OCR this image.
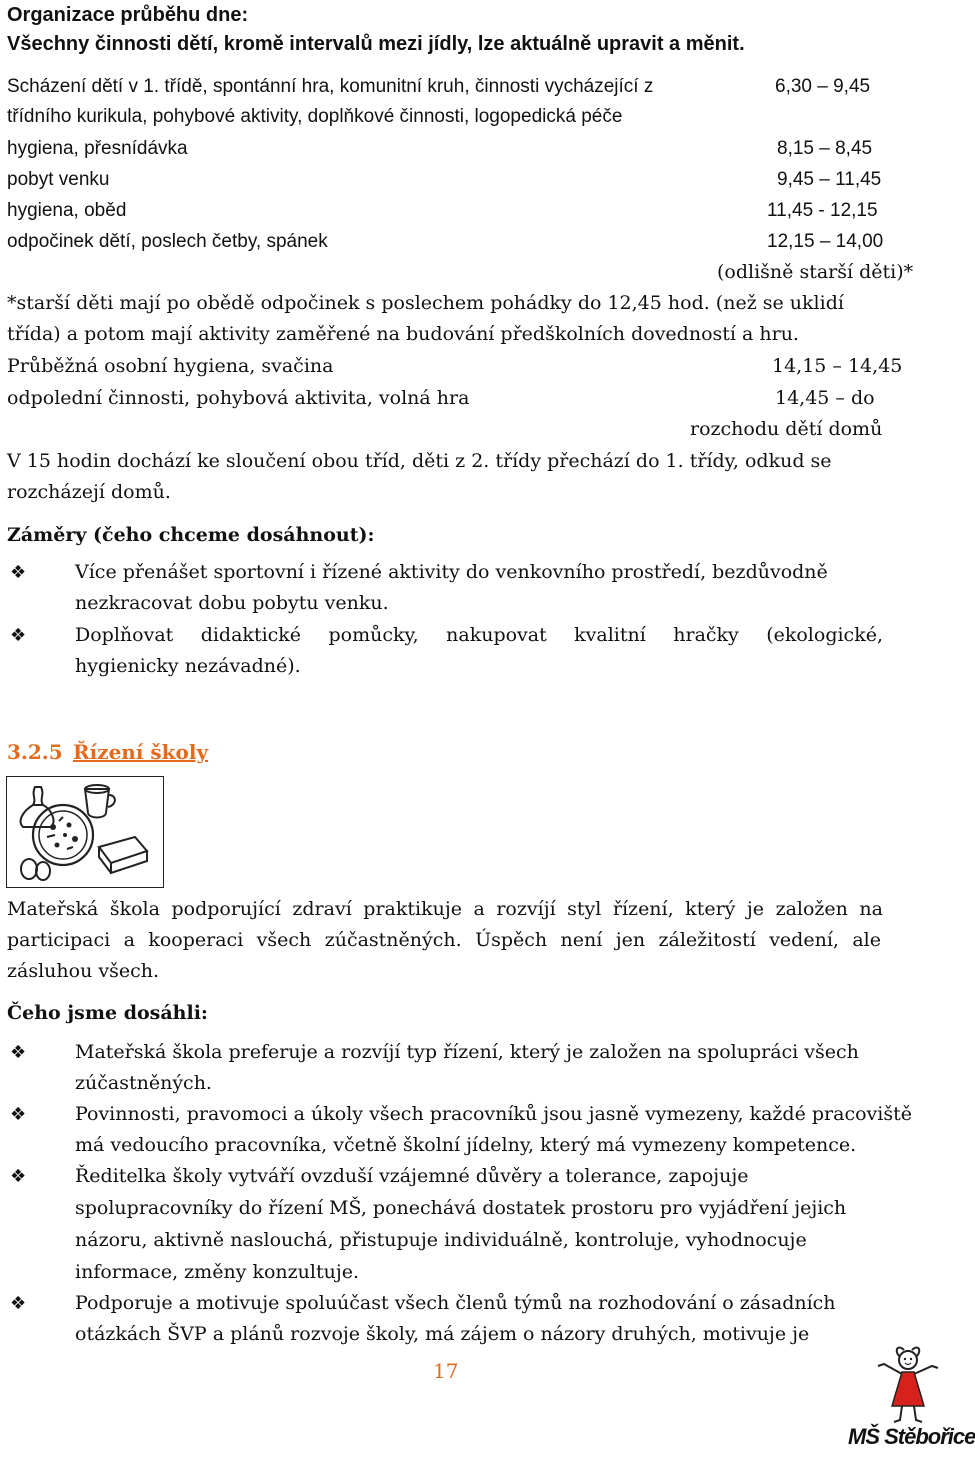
Organizace průběhu dne:
Všechny činnosti dětí, kromě intervalů mezi jídly, lze aktuálně upravit a měnit.
Scházení dětí v 1. třídě, spontánní hra, komunitní kruh, činnosti vycházející z	6,30 – 9,45
třídního kurikula, pohybové aktivity, doplňkové činnosti, logopedická péče
hygiena, přesnídávka	8,15 – 8,45
pobyt venku	9,45 – 11,45
hygiena, oběd	11,45 - 12,15
odpočinek dětí, poslech četby, spánek	12,15 – 14,00
(odlišně starší děti)*
*starší děti mají po obědě odpočinek s poslechem pohádky do 12,45 hod. (než se uklidí
třída) a potom mají aktivity zaměřené na budování předškolních dovedností a hru.
Průběžná osobní hygiena, svačina	14,15 – 14,45
odpolední činnosti, pohybová aktivita, volná hra	14,45 – do
rozchodu dětí domů
V 15 hodin dochází ke sloučení obou tříd, děti z 2. třídy přechází do 1. třídy, odkud se
rozcházejí domů.
Záměry (čeho chceme dosáhnout):
❖	Více přenášet sportovní i řízené aktivity do venkovního prostředí, bezdůvodně
nezkracovat dobu pobytu venku.
❖	Doplňovat didaktické pomůcky, nakupovat kvalitní hračky (ekologické,
hygienicky nezávadné).
3.2.5 Řízení školy
Mateřská škola podporující zdraví praktikuje a rozvíjí styl řízení, který je založen na
participaci a kooperaci všech zúčastněných. Úspěch není jen záležitostí vedení, ale
zásluhou všech.
Čeho jsme dosáhli:
❖	Mateřská škola preferuje a rozvíjí typ řízení, který je založen na spolupráci všech
zúčastněných.
❖	Povinnosti, pravomoci a úkoly všech pracovníků jsou jasně vymezeny, každé pracoviště
má vedoucího pracovníka, včetně školní jídelny, který má vymezeny kompetence.
❖	Ředitelka školy vytváří ovzduší vzájemné důvěry a tolerance, zapojuje
spolupracovníky do řízení MŠ, ponechává dostatek prostoru pro vyjádření jejich
názoru, aktivně naslouchá, přistupuje individuálně, kontroluje, vyhodnocuje
informace, změny konzultuje.
❖	Podporuje a motivuje spoluúčast všech členů týmů na rozhodování o zásadních
otázkách ŠVP a plánů rozvoje školy, má zájem o názory druhých, motivuje je
17
MŠ Stěbořice
